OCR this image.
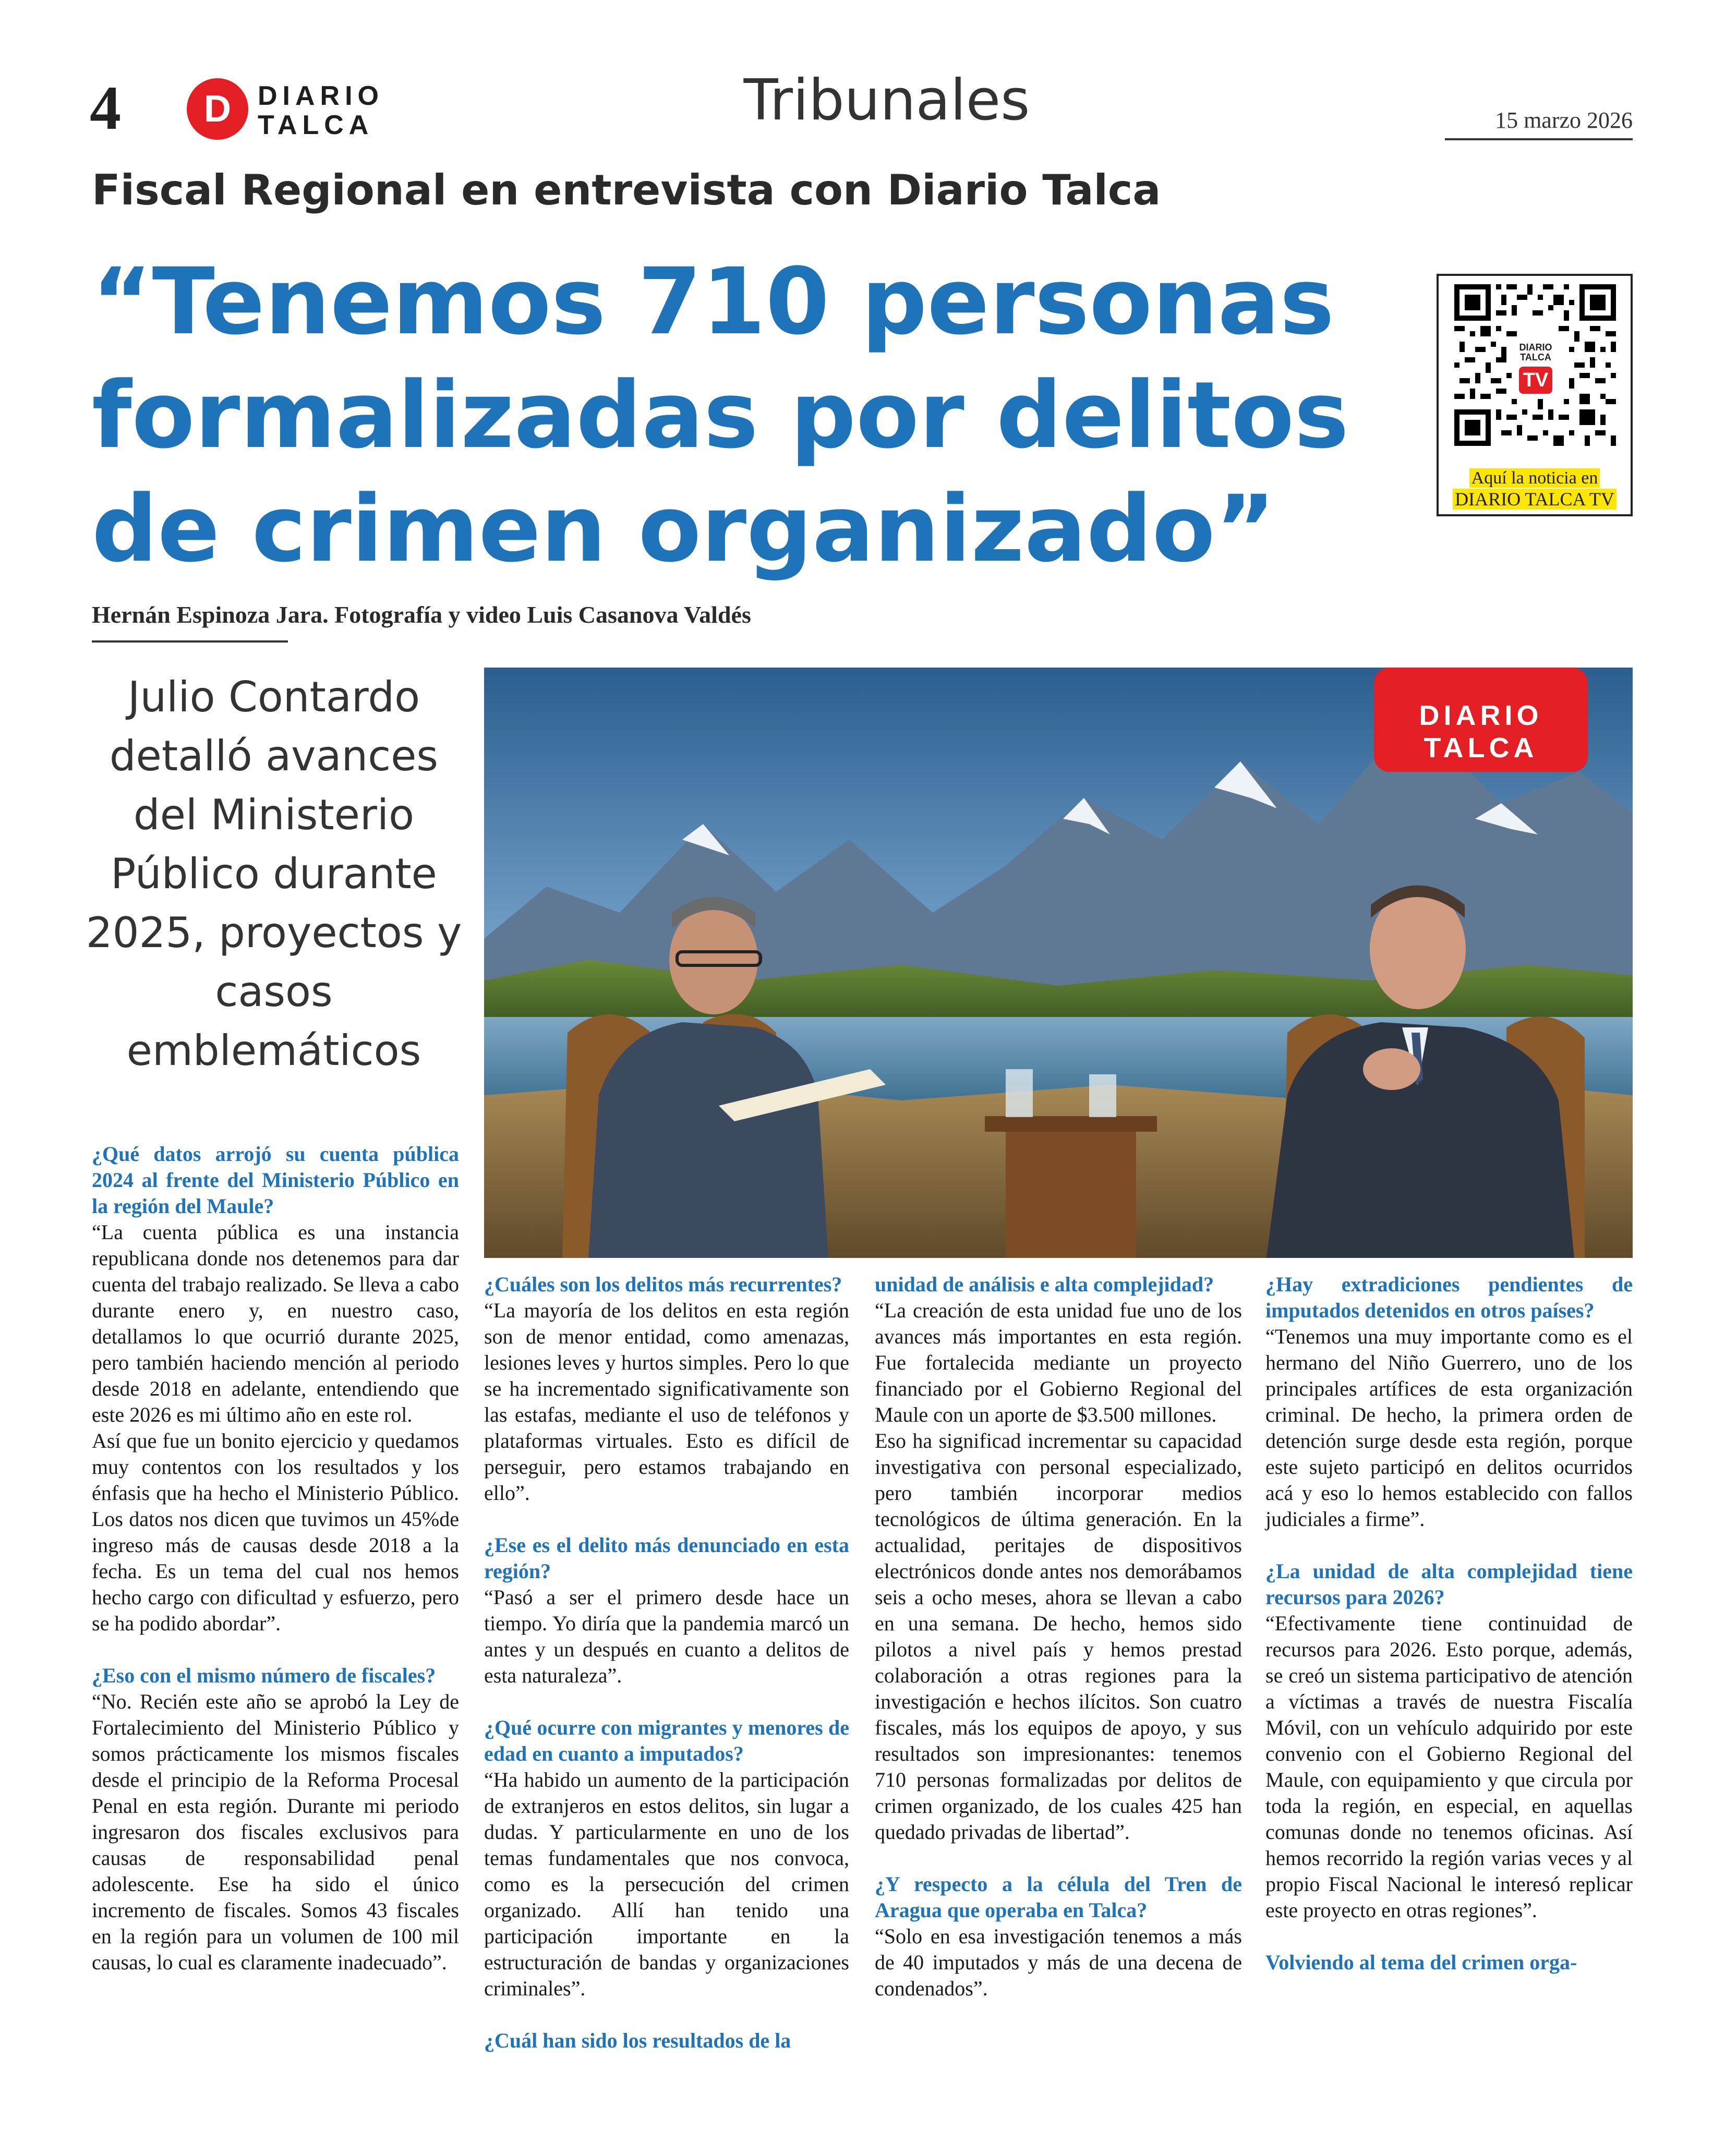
4	D DIARIO
TALCA	Tribunales	15 marzo 2026
Fiscal Regional en entrevista con Diario Talca
“Tenemos 710 personas formalizadas por delitos de crimen organizado”
Hernán Espinoza Jara. Fotografía y video Luis Casanova Valdés
DIARIO
TALCA
TV
Aquí la noticia en
DIARIO TALCA TV
Julio Contardo detalló avances del Ministerio Público durante 2025, proyectos y casos emblemáticos
DIARIO
TALCA

¿Qué datos arrojó su cuenta pública 2024 al frente del Ministerio Público en la región del Maule?

“La cuenta pública es una instancia republicana donde nos detenemos para dar cuenta del trabajo realizado. Se lleva a cabo durante enero y, en nuestro caso, detallamos lo que ocurrió durante 2025, pero también haciendo mención al periodo desde 2018 en adelante, entendiendo que este 2026 es mi último año en este rol.

Así que fue un bonito ejercicio y quedamos muy contentos con los resultados y los énfasis que ha hecho el Ministerio Público. Los datos nos dicen que tuvimos un 45%de ingreso más de causas desde 2018 a la fecha. Es un tema del cual nos hemos hecho cargo con dificultad y esfuerzo, pero se ha podido abordar”.

¿Eso con el mismo número de fiscales?

“No. Recién este año se aprobó la Ley de Fortalecimiento del Ministerio Público y somos prácticamente los mismos fiscales desde el principio de la Reforma Procesal Penal en esta región. Durante mi periodo ingresaron dos fiscales exclusivos para causas de responsabilidad penal adolescente. Ese ha sido el único incremento de fiscales. Somos 43 fiscales en la región para un volumen de 100 mil causas, lo cual es claramente inadecuado”.

¿Cuáles son los delitos más recurrentes?

“La mayoría de los delitos en esta región son de menor entidad, como amenazas, lesiones leves y hurtos simples. Pero lo que se ha incrementado significativamente son las estafas, mediante el uso de teléfonos y plataformas virtuales. Esto es difícil de perseguir, pero estamos trabajando en ello”.

¿Ese es el delito más denunciado en esta región?

“Pasó a ser el primero desde hace un tiempo. Yo diría que la pandemia marcó un antes y un después en cuanto a delitos de esta naturaleza”.

¿Qué ocurre con migrantes y menores de edad en cuanto a imputados?

“Ha habido un aumento de la participación de extranjeros en estos delitos, sin lugar a dudas. Y particularmente en uno de los temas fundamentales que nos convoca, como es la persecución del crimen organizado. Allí han tenido una participación importante en la estructuración de bandas y organizaciones criminales”.

¿Cuál han sido los resultados de la

unidad de análisis e alta complejidad?

“La creación de esta unidad fue uno de los avances más importantes en esta región. Fue fortalecida mediante un proyecto financiado por el Gobierno Regional del Maule con un aporte de $3.500 millones.

Eso ha significad incrementar su capacidad investigativa con personal especializado, pero también incorporar medios tecnológicos de última generación. En la actualidad, peritajes de dispositivos electrónicos donde antes nos demorábamos seis a ocho meses, ahora se llevan a cabo en una semana. De hecho, hemos sido pilotos a nivel país y hemos prestad colaboración a otras regiones para la investigación e hechos ilícitos. Son cuatro fiscales, más los equipos de apoyo, y sus resultados son impresionantes: tenemos 710 personas formalizadas por delitos de crimen organizado, de los cuales 425 han quedado privadas de libertad”.

¿Y respecto a la célula del Tren de Aragua que operaba en Talca?

“Solo en esa investigación tenemos a más de 40 imputados y más de una decena de condenados”.

¿Hay extradiciones pendientes de imputados detenidos en otros países?

“Tenemos una muy importante como es el hermano del Niño Guerrero, uno de los principales artífices de esta organización criminal. De hecho, la primera orden de detención surge desde esta región, porque este sujeto participó en delitos ocurridos acá y eso lo hemos establecido con fallos judiciales a firme”.

¿La unidad de alta complejidad tiene recursos para 2026?

“Efectivamente tiene continuidad de recursos para 2026. Esto porque, además, se creó un sistema participativo de atención a víctimas a través de nuestra Fiscalía Móvil, con un vehículo adquirido por este convenio con el Gobierno Regional del Maule, con equipamiento y que circula por toda la región, en especial, en aquellas comunas donde no tenemos oficinas. Así hemos recorrido la región varias veces y al propio Fiscal Nacional le interesó replicar este proyecto en otras regiones”.

Volviendo al tema del crimen orga-
